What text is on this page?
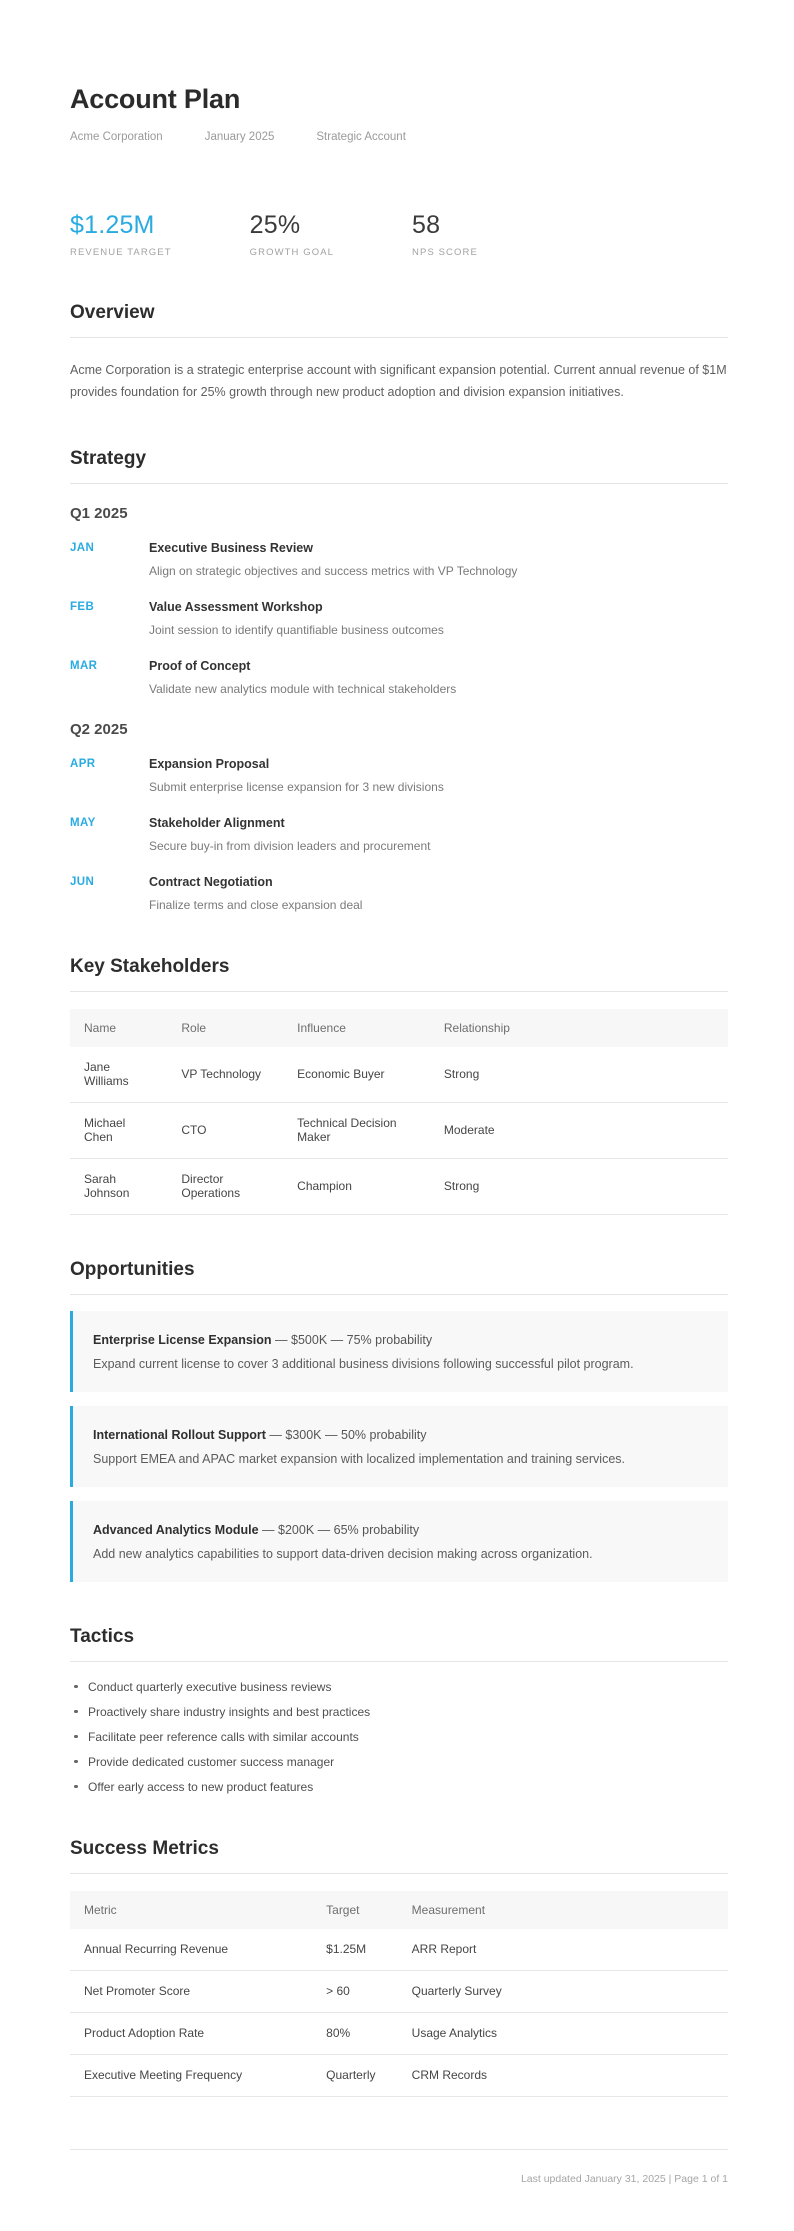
Account Plan
Acme Corporation	January 2025	Strategic Account
$1.25M
REVENUE TARGET
25%
GROWTH GOAL
58
NPS SCORE
Overview

Acme Corporation is a strategic enterprise account with significant expansion potential. Current annual revenue of $1M provides foundation for 25% growth through new product adoption and division expansion initiatives.

Strategy
Q1 2025
JAN	Executive Business Review
Align on strategic objectives and success metrics with VP Technology
FEB	Value Assessment Workshop
Joint session to identify quantifiable business outcomes
MAR	Proof of Concept
Validate new analytics module with technical stakeholders
Q2 2025
APR	Expansion Proposal
Submit enterprise license expansion for 3 new divisions
MAY	Stakeholder Alignment
Secure buy-in from division leaders and procurement
JUN	Contract Negotiation
Finalize terms and close expansion deal
Key Stakeholders
Name	Role	Influence	Relationship
Jane Williams	VP Technology	Economic Buyer	Strong
Michael Chen	CTO	Technical Decision Maker	Moderate
Sarah Johnson	Director Operations	Champion	Strong
Opportunities
Enterprise License Expansion — $500K — 75% probability
Expand current license to cover 3 additional business divisions following successful pilot program.
International Rollout Support — $300K — 50% probability
Support EMEA and APAC market expansion with localized implementation and training services.
Advanced Analytics Module — $200K — 65% probability
Add new analytics capabilities to support data-driven decision making across organization.
Tactics
Conduct quarterly executive business reviews
Proactively share industry insights and best practices
Facilitate peer reference calls with similar accounts
Provide dedicated customer success manager
Offer early access to new product features
Success Metrics
Metric	Target	Measurement
Annual Recurring Revenue	$1.25M	ARR Report
Net Promoter Score	> 60	Quarterly Survey
Product Adoption Rate	80%	Usage Analytics
Executive Meeting Frequency	Quarterly	CRM Records
Last updated January 31, 2025 | Page 1 of 1
